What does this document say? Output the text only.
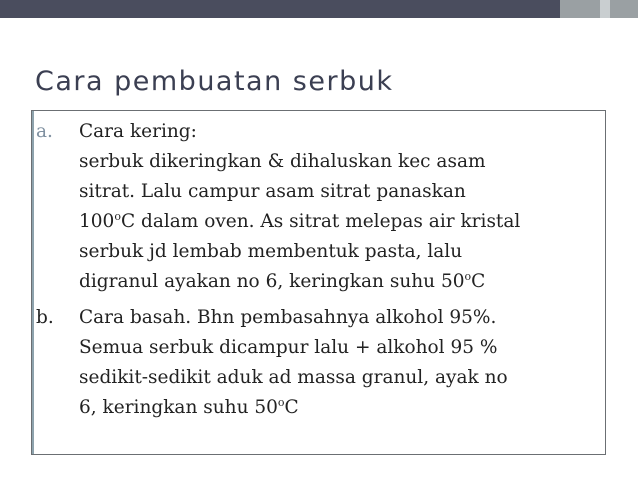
Cara pembuatan serbuk
a. Cara kering:
serbuk dikeringkan & dihaluskan kec asam
sitrat. Lalu campur asam sitrat panaskan
100$^o$C dalam oven. As sitrat melepas air kristal
serbuk jd lembab membentuk pasta, lalu
digranul ayakan no 6, keringkan suhu 50$^o$C
b. Cara basah. Bhn pembasahnya alkohol 95%.
Semua serbuk dicampur lalu + alkohol 95 %
sedikit-sedikit aduk ad massa granul, ayak no
6, keringkan suhu 50$^o$C
